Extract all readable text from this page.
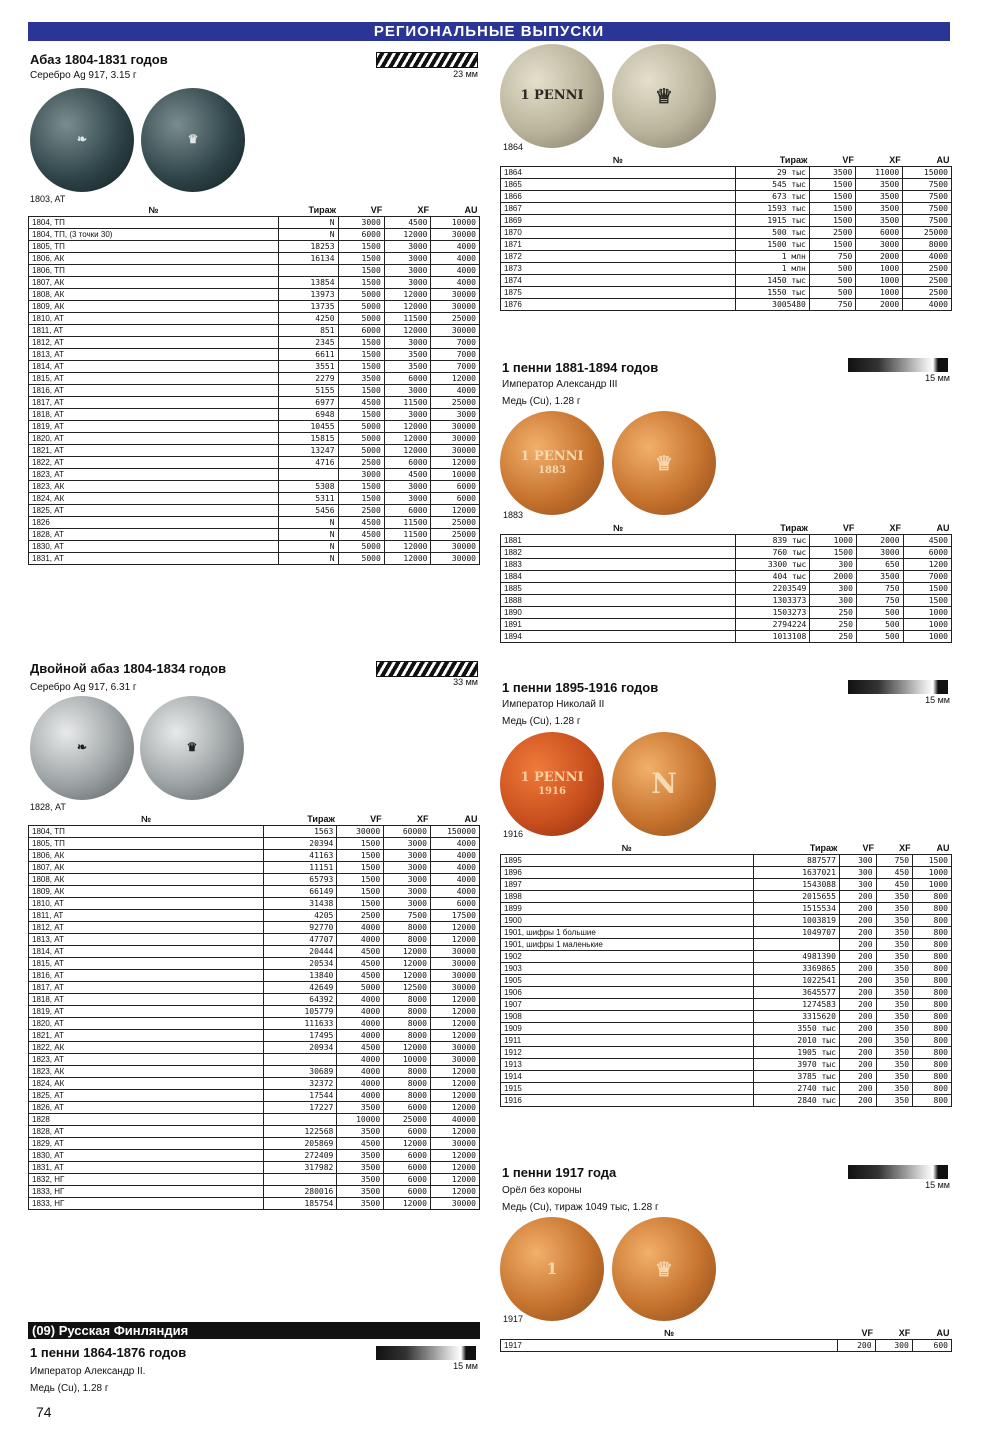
РЕГИОНАЛЬНЫЕ ВЫПУСКИ
Абаз 1804-1831 годов
Серебро Ag 917, 3.15 г	23 мм
❧	♛
1803, AT
№	Тираж	VF	XF	AU
1804, ТП	N	3000	4500	10000
1804, ТП, (3 точки 30)	N	6000	12000	30000
1805, ТП	18253	1500	3000	4000
1806, АК	16134	1500	3000	4000
1806, ТП		1500	3000	4000
1807, АК	13854	1500	3000	4000
1808, АК	13973	5000	12000	30000
1809, АК	13735	5000	12000	30000
1810, АТ	4250	5000	11500	25000
1811, АТ	851	6000	12000	30000
1812, АТ	2345	1500	3000	7000
1813, АТ	6611	1500	3500	7000
1814, АТ	3551	1500	3500	7000
1815, АТ	2279	3500	6000	12000
1816, АТ	5155	1500	3000	4000
1817, АТ	6977	4500	11500	25000
1818, АТ	6948	1500	3000	3000
1819, АТ	10455	5000	12000	30000
1820, АТ	15815	5000	12000	30000
1821, АТ	13247	5000	12000	30000
1822, АТ	4716	2500	6000	12000
1823, АТ		3000	4500	10000
1823, АК	5308	1500	3000	6000
1824, АК	5311	1500	3000	6000
1825, АТ	5456	2500	6000	12000
1826	N	4500	11500	25000
1828, АТ	N	4500	11500	25000
1830, АТ	N	5000	12000	30000
1831, АТ	N	5000	12000	30000
Двойной абаз 1804-1834 годов
Серебро Ag 917, 6.31 г	33 мм
❧	♛
1828, АТ
№	Тираж	VF	XF	AU
1804, ТП	1563	30000	60000	150000
1805, ТП	20394	1500	3000	4000
1806, АК	41163	1500	3000	4000
1807, АК	11151	1500	3000	4000
1808, АК	65793	1500	3000	4000
1809, АК	66149	1500	3000	4000
1810, АТ	31438	1500	3000	6000
1811, АТ	4205	2500	7500	17500
1812, АТ	92770	4000	8000	12000
1813, АТ	47707	4000	8000	12000
1814, АТ	20444	4500	12000	30000
1815, АТ	20534	4500	12000	30000
1816, АТ	13840	4500	12000	30000
1817, АТ	42649	5000	12500	30000
1818, АТ	64392	4000	8000	12000
1819, АТ	105779	4000	8000	12000
1820, АТ	111633	4000	8000	12000
1821, АТ	17495	4000	8000	12000
1822, АК	20934	4500	12000	30000
1823, АТ		4000	10000	30000
1823, АК	30689	4000	8000	12000
1824, АК	32372	4000	8000	12000
1825, АТ	17544	4000	8000	12000
1826, АТ	17227	3500	6000	12000
1828		10000	25000	40000
1828, АТ	122568	3500	6000	12000
1829, АТ	205869	4500	12000	30000
1830, АТ	272409	3500	6000	12000
1831, АТ	317982	3500	6000	12000
1832, НГ		3500	6000	12000
1833, НГ	280016	3500	6000	12000
1833, НГ	185754	3500	12000	30000
(09) Русская Финляндия
1 пенни 1864-1876 годов
15 мм
Император Александр II.
Медь (Cu), 1.28 г
74
1 PENNI	♕
1864
№	Тираж	VF	XF	AU
1864	29 тыс	3500	11000	15000
1865	545 тыс	1500	3500	7500
1866	673 тыс	1500	3500	7500
1867	1593 тыс	1500	3500	7500
1869	1915 тыс	1500	3500	7500
1870	500 тыс	2500	6000	25000
1871	1500 тыс	1500	3000	8000
1872	1 млн	750	2000	4000
1873	1 млн	500	1000	2500
1874	1450 тыс	500	1000	2500
1875	1550 тыс	500	1000	2500
1876	3005480	750	2000	4000
1 пенни 1881-1894 годов
15 мм
Император Александр III
Медь (Cu), 1.28 г
1 PENNI
1883	♕
1883
№	Тираж	VF	XF	AU
1881	839 тыс	1000	2000	4500
1882	760 тыс	1500	3000	6000
1883	3300 тыс	300	650	1200
1884	404 тыс	2000	3500	7000
1885	2203549	300	750	1500
1888	1303373	300	750	1500
1890	1503273	250	500	1000
1891	2794224	250	500	1000
1894	1013108	250	500	1000
1 пенни 1895-1916 годов
15 мм
Император Николай II
Медь (Cu), 1.28 г
1 PENNI
1916	N
1916
№	Тираж	VF	XF	AU
1895	887577	300	750	1500
1896	1637021	300	450	1000
1897	1543088	300	450	1000
1898	2015655	200	350	800
1899	1515534	200	350	800
1900	1003819	200	350	800
1901, шифры 1 большие	1049707	200	350	800
1901, шифры 1 маленькие		200	350	800
1902	4981390	200	350	800
1903	3369865	200	350	800
1905	1022541	200	350	800
1906	3645577	200	350	800
1907	1274583	200	350	800
1908	3315620	200	350	800
1909	3550 тыс	200	350	800
1911	2010 тыс	200	350	800
1912	1905 тыс	200	350	800
1913	3970 тыс	200	350	800
1914	3785 тыс	200	350	800
1915	2740 тыс	200	350	800
1916	2840 тыс	200	350	800
1 пенни 1917 года
15 мм
Орёл без короны
Медь (Cu), тираж 1049 тыс, 1.28 г
1	♕
1917
№	VF	XF	AU
1917	200	300	600
